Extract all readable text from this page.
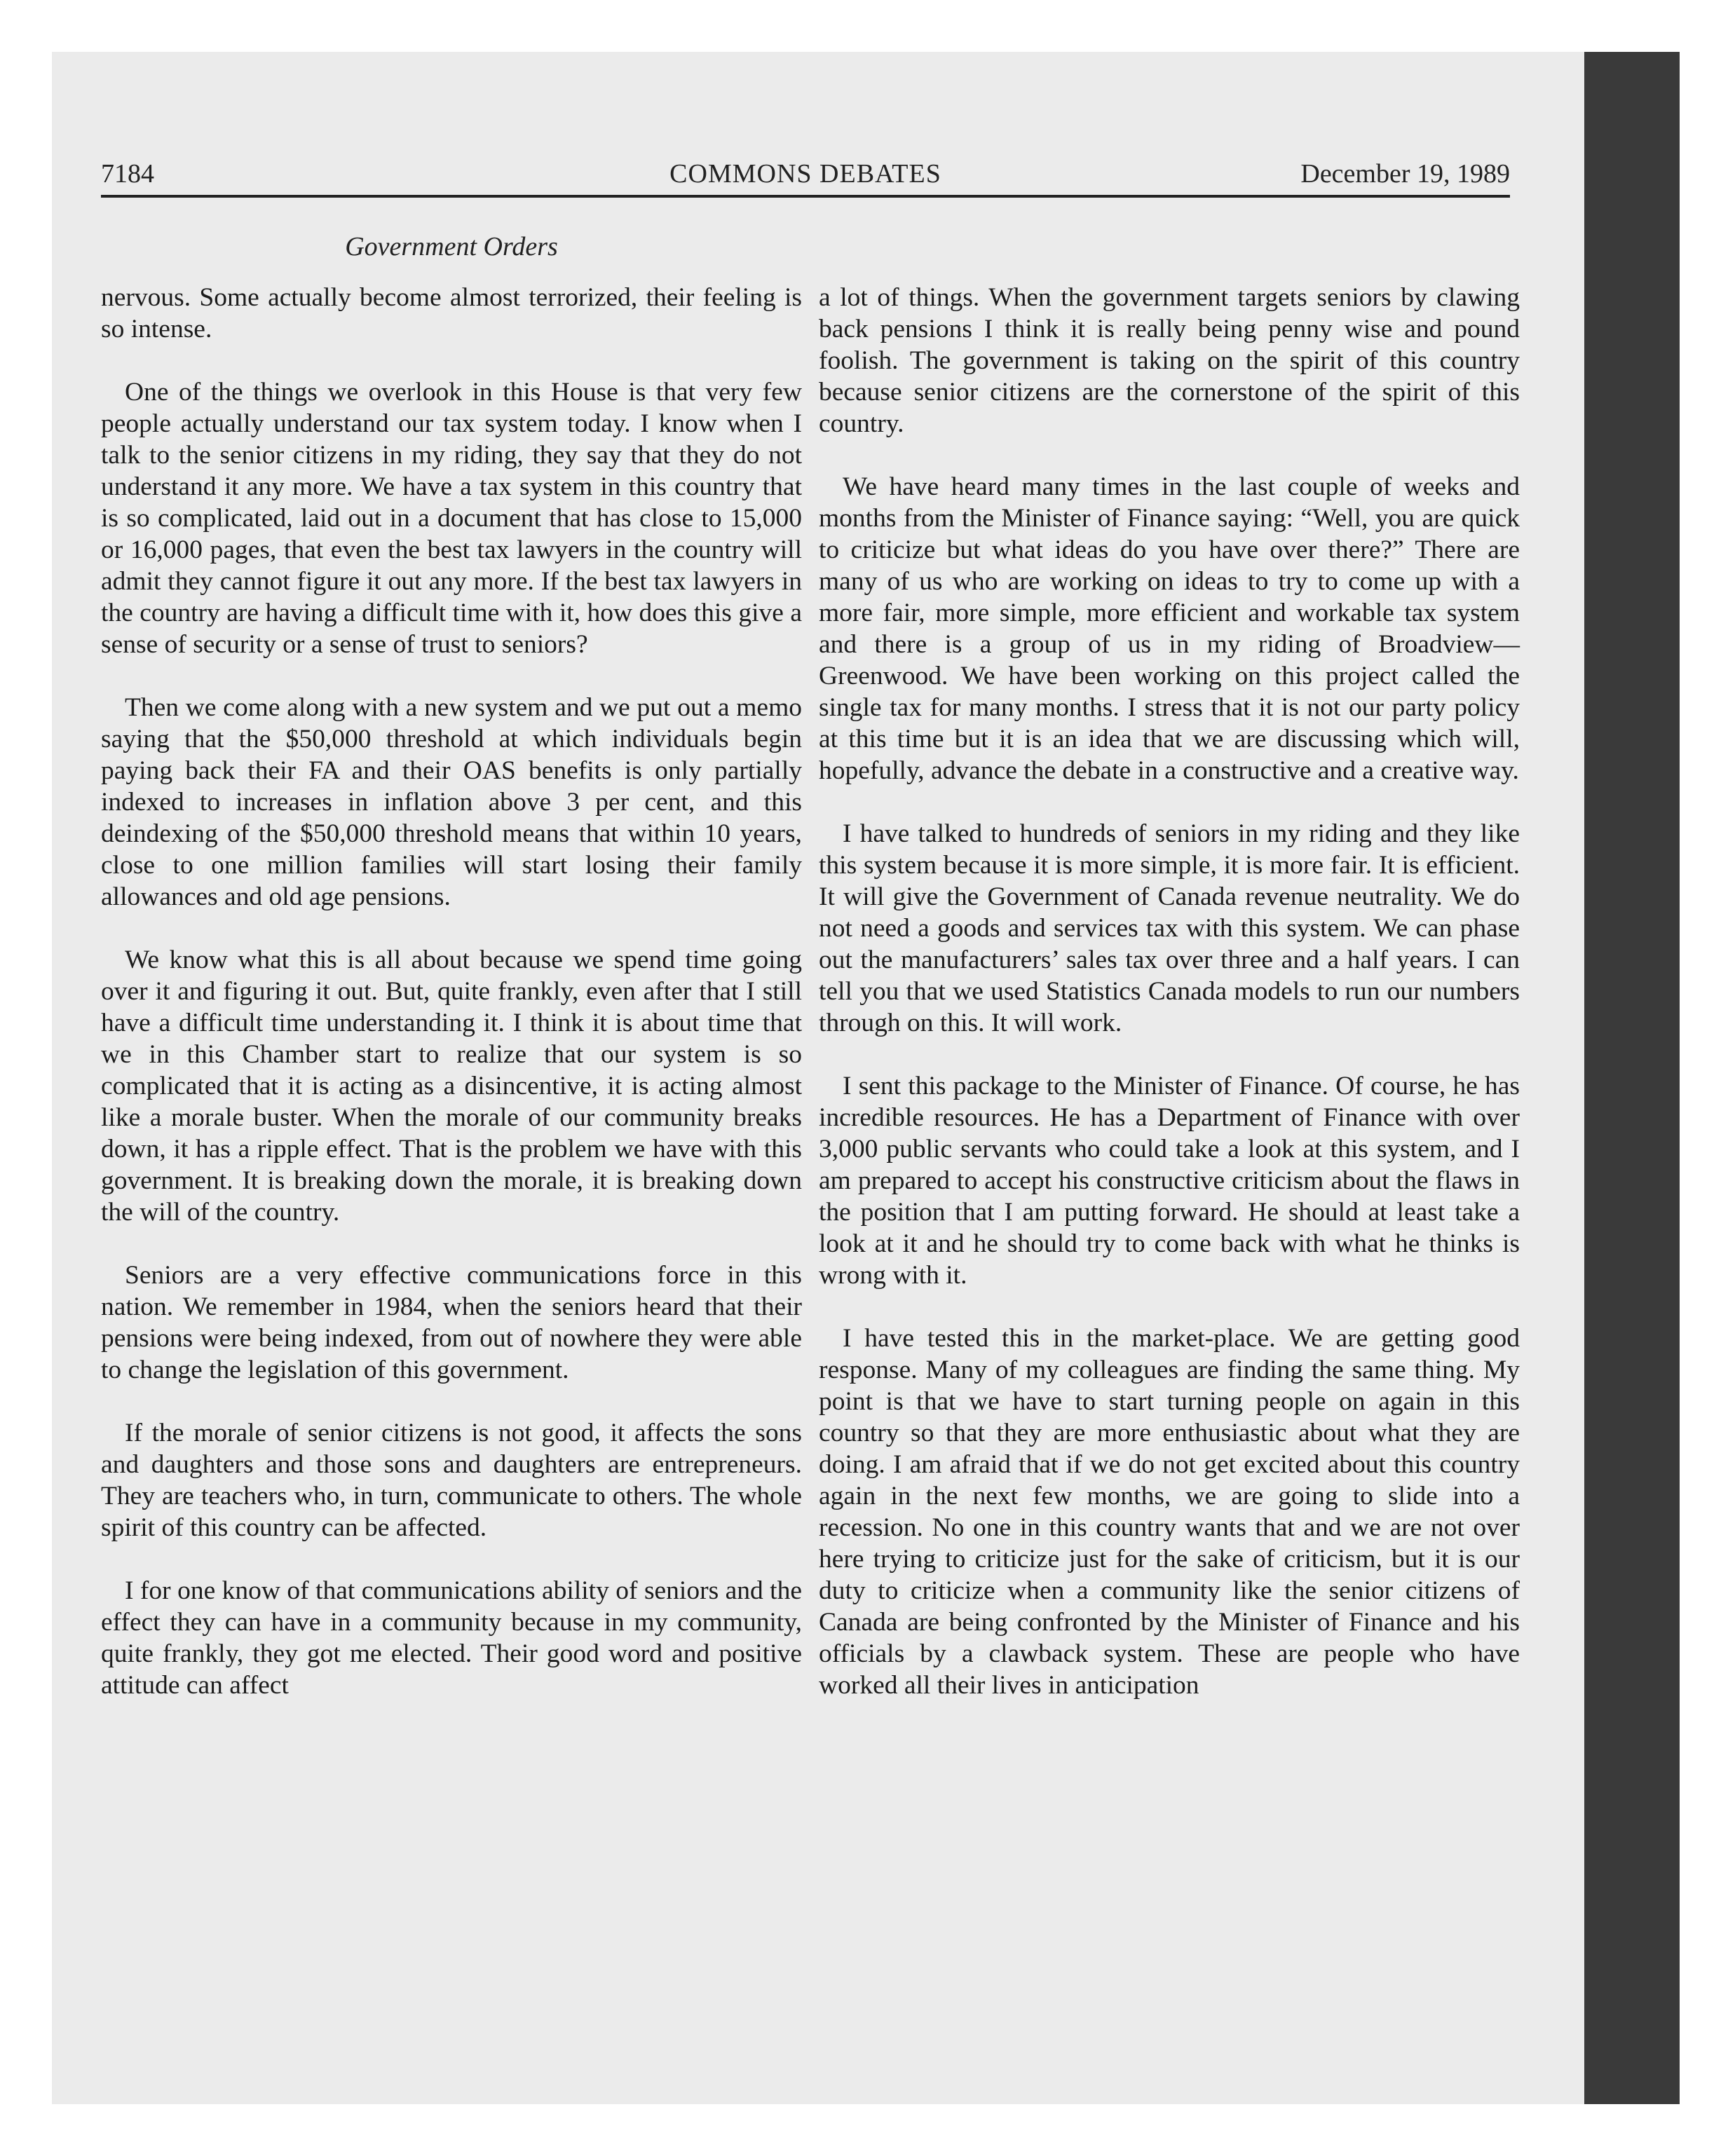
7184	COMMONS DEBATES	December 19, 1989
Government Orders

nervous. Some actually become almost terrorized, their feeling is so intense.

One of the things we overlook in this House is that very few people actually understand our tax system today. I know when I talk to the senior citizens in my riding, they say that they do not understand it any more. We have a tax system in this country that is so complicated, laid out in a document that has close to 15,000 or 16,000 pages, that even the best tax lawyers in the country will admit they cannot figure it out any more. If the best tax lawyers in the country are having a difficult time with it, how does this give a sense of security or a sense of trust to seniors?

Then we come along with a new system and we put out a memo saying that the $50,000 threshold at which individuals begin paying back their FA and their OAS benefits is only partially indexed to increases in inflation above 3 per cent, and this deindexing of the $50,000 threshold means that within 10 years, close to one million families will start losing their family allowances and old age pensions.

We know what this is all about because we spend time going over it and figuring it out. But, quite frankly, even after that I still have a difficult time understanding it. I think it is about time that we in this Chamber start to realize that our system is so complicated that it is acting as a disincentive, it is acting almost like a morale buster. When the morale of our community breaks down, it has a ripple effect. That is the problem we have with this government. It is breaking down the morale, it is breaking down the will of the country.

Seniors are a very effective communications force in this nation. We remember in 1984, when the seniors heard that their pensions were being indexed, from out of nowhere they were able to change the legislation of this government.

If the morale of senior citizens is not good, it affects the sons and daughters and those sons and daughters are entrepreneurs. They are teachers who, in turn, communicate to others. The whole spirit of this country can be affected.

I for one know of that communications ability of seniors and the effect they can have in a community because in my community, quite frankly, they got me elected. Their good word and positive attitude can affect

a lot of things. When the government targets seniors by clawing back pensions I think it is really being penny wise and pound foolish. The government is taking on the spirit of this country because senior citizens are the cornerstone of the spirit of this country.

We have heard many times in the last couple of weeks and months from the Minister of Finance saying: “Well, you are quick to criticize but what ideas do you have over there?” There are many of us who are working on ideas to try to come up with a more fair, more simple, more efficient and workable tax system and there is a group of us in my riding of Broadview—Greenwood. We have been working on this project called the single tax for many months. I stress that it is not our party policy at this time but it is an idea that we are discussing which will, hopefully, advance the debate in a constructive and a creative way.

I have talked to hundreds of seniors in my riding and they like this system because it is more simple, it is more fair. It is efficient. It will give the Government of Canada revenue neutrality. We do not need a goods and services tax with this system. We can phase out the manufacturers’ sales tax over three and a half years. I can tell you that we used Statistics Canada models to run our numbers through on this. It will work.

I sent this package to the Minister of Finance. Of course, he has incredible resources. He has a Department of Finance with over 3,000 public servants who could take a look at this system, and I am prepared to accept his constructive criticism about the flaws in the position that I am putting forward. He should at least take a look at it and he should try to come back with what he thinks is wrong with it.

I have tested this in the market-place. We are getting good response. Many of my colleagues are finding the same thing. My point is that we have to start turning people on again in this country so that they are more enthusiastic about what they are doing. I am afraid that if we do not get excited about this country again in the next few months, we are going to slide into a recession. No one in this country wants that and we are not over here trying to criticize just for the sake of criticism, but it is our duty to criticize when a community like the senior citizens of Canada are being confronted by the Minister of Finance and his officials by a clawback system. These are people who have worked all their lives in anticipation
